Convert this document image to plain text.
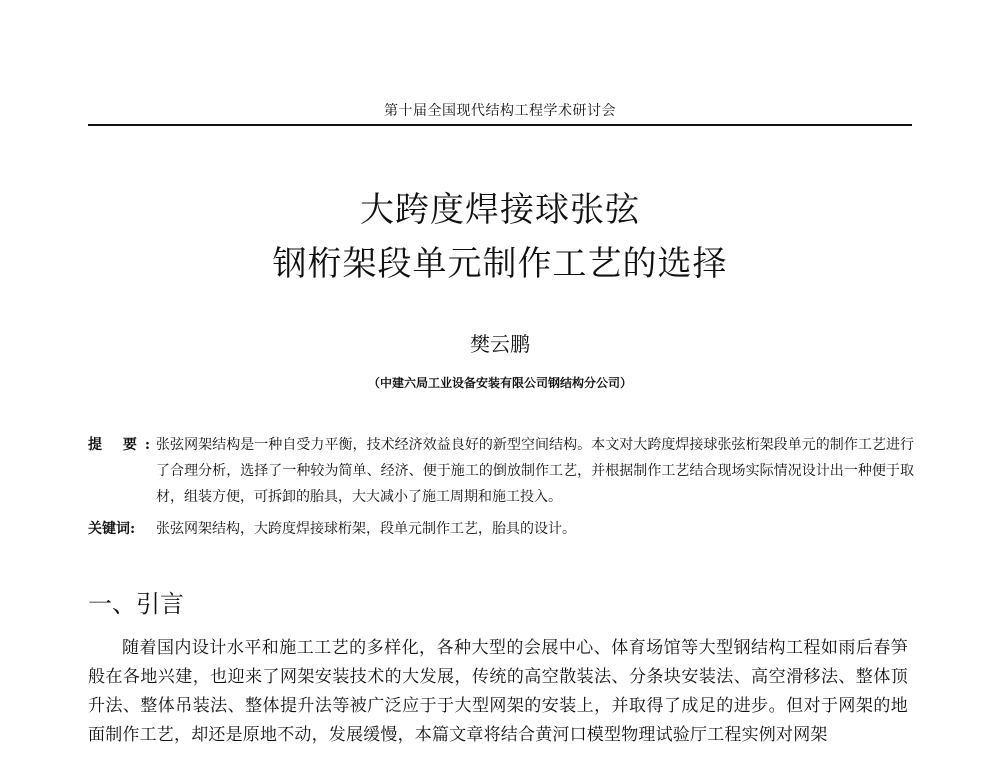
第十届全国现代结构工程学术研讨会
大跨度焊接球张弦
钢桁架段单元制作工艺的选择
樊云鹏
（中建六局工业设备安装有限公司钢结构分公司）
提 要:
张弦网架结构是一种自受力平衡，技术经济效益良好的新型空间结构。本文对大跨度焊接球张弦桁架段单元的制作工艺进行了合理分析，选择了一种较为简单、经济、便于施工的倒放制作工艺，并根据制作工艺结合现场实际情况设计出一种便于取材，组装方便，可拆卸的胎具，大大减小了施工周期和施工投入。
关键词: 张弦网架结构，大跨度焊接球桁架，段单元制作工艺，胎具的设计。
一、引言
随着国内设计水平和施工工艺的多样化，各种大型的会展中心、体育场馆等大型钢结构工程如雨后春笋般在各地兴建，也迎来了网架安装技术的大发展，传统的高空散装法、分条块安装法、高空滑移法、整体顶升法、整体吊装法、整体提升法等被广泛应于于大型网架的安装上，并取得了成足的进步。但对于网架的地面制作工艺，却还是原地不动，发展缓慢，本篇文章将结合黄河口模型物理试验厅工程实例对网架
